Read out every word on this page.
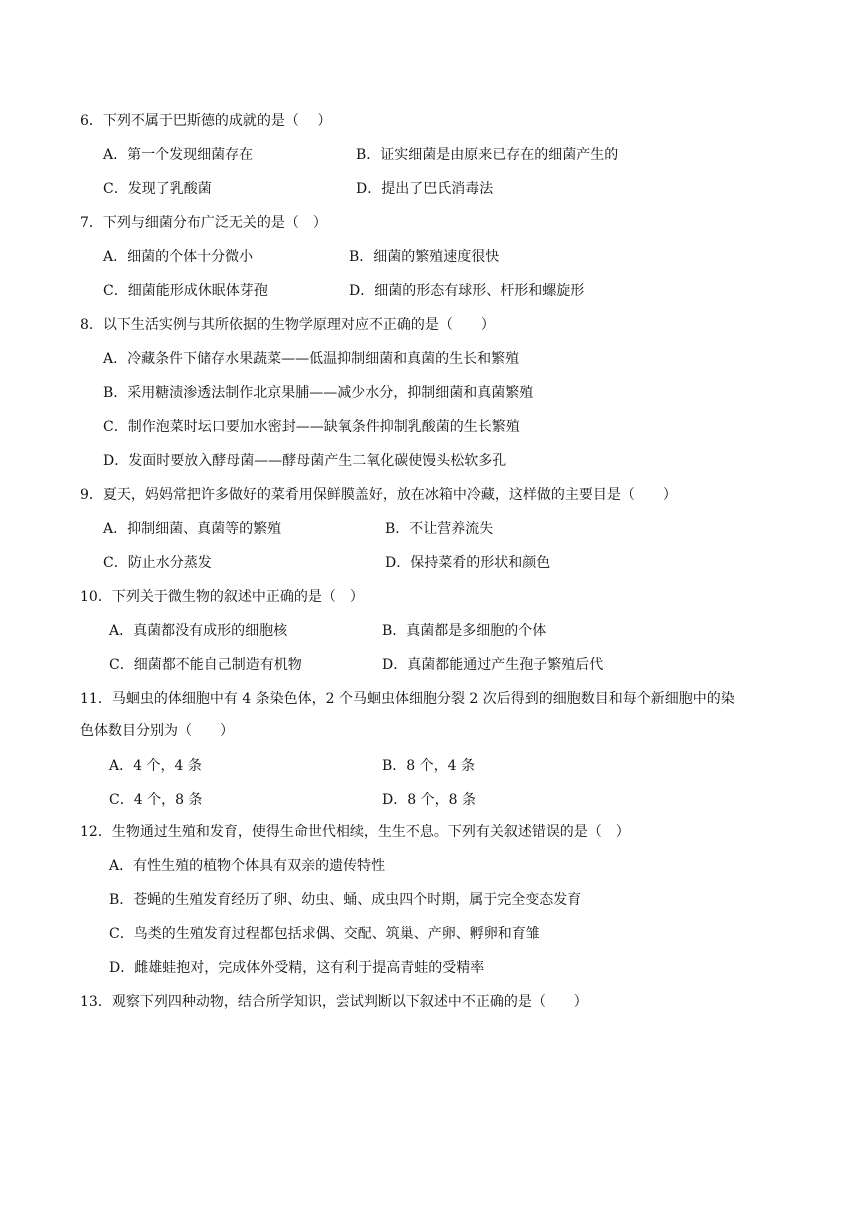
6．下列不属于巴斯德的成就的是（　 ）
A．第一个发现细菌存在	B．证实细菌是由原来已存在的细菌产生的
C．发现了乳酸菌	D．提出了巴氏消毒法
7．下列与细菌分布广泛无关的是（　）
A．细菌的个体十分微小	B．细菌的繁殖速度很快
C．细菌能形成休眠体芽孢	D．细菌的形态有球形、杆形和螺旋形
8．以下生活实例与其所依据的生物学原理对应不正确的是（　　）
A．冷藏条件下储存水果蔬菜——低温抑制细菌和真菌的生长和繁殖
B．采用糖渍渗透法制作北京果脯——减少水分，抑制细菌和真菌繁殖
C．制作泡菜时坛口要加水密封——缺氧条件抑制乳酸菌的生长繁殖
D．发面时要放入酵母菌——酵母菌产生二氧化碳使馒头松软多孔
9．夏天，妈妈常把许多做好的菜肴用保鲜膜盖好，放在冰箱中冷藏，这样做的主要目是（　　）
A．抑制细菌、真菌等的繁殖	B．不让营养流失
C．防止水分蒸发	D．保持菜肴的形状和颜色
10．下列关于微生物的叙述中正确的是（　）
A．真菌都没有成形的细胞核	B．真菌都是多细胞的个体
C．细菌都不能自己制造有机物	D．真菌都能通过产生孢子繁殖后代
11．马蛔虫的体细胞中有 4 条染色体，2 个马蛔虫体细胞分裂 2 次后得到的细胞数目和每个新细胞中的染
色体数目分别为（　　）
A．4 个，4 条	B．8 个，4 条
C．4 个，8 条	D．8 个，8 条
12．生物通过生殖和发育，使得生命世代相续，生生不息。下列有关叙述错误的是（　）
A．有性生殖的植物个体具有双亲的遗传特性
B．苍蝇的生殖发育经历了卵、幼虫、蛹、成虫四个时期，属于完全变态发育
C．鸟类的生殖发育过程都包括求偶、交配、筑巢、产卵、孵卵和育雏
D．雌雄蛙抱对，完成体外受精，这有利于提高青蛙的受精率
13．观察下列四种动物，结合所学知识，尝试判断以下叙述中不正确的是（　　）
